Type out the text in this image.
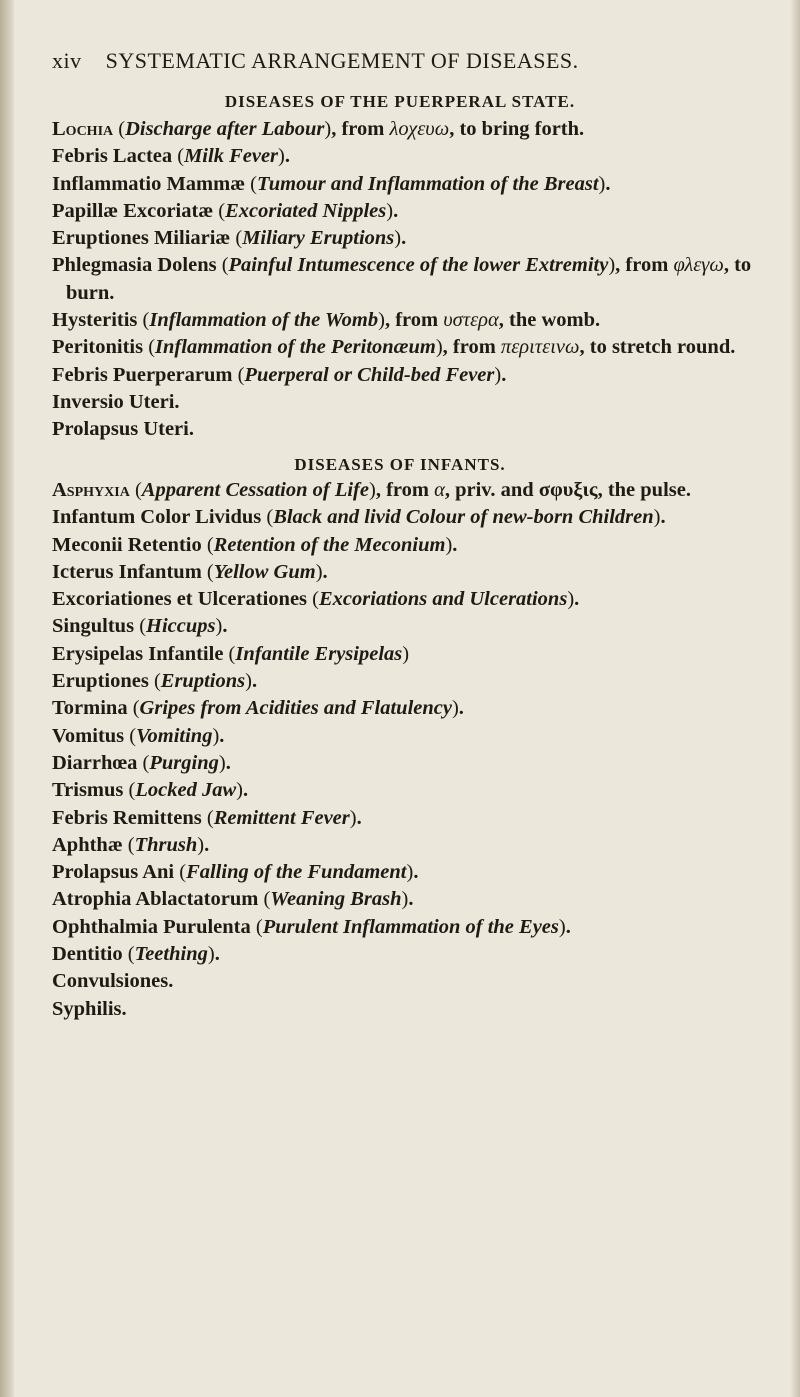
xiv SYSTEMATIC ARRANGEMENT OF DISEASES.
DISEASES OF THE PUERPERAL STATE.
Lochia (Discharge after Labour), from λοχευω, to bring forth.
Febris Lactea (Milk Fever).
Inflammatio Mammæ (Tumour and Inflammation of the Breast).
Papillæ Excoriatæ (Excoriated Nipples).
Eruptiones Miliariæ (Miliary Eruptions).
Phlegmasia Dolens (Painful Intumescence of the lower Extremity), from φλεγω, to burn.
Hysteritis (Inflammation of the Womb), from υστερα, the womb.
Peritonitis (Inflammation of the Peritonæum), from περιτεινω, to stretch round.
Febris Puerperarum (Puerperal or Child-bed Fever).
Inversio Uteri.
Prolapsus Uteri.
DISEASES OF INFANTS.
Asphyxia (Apparent Cessation of Life), from α, priv. and σφυξις, the pulse.
Infantum Color Lividus (Black and livid Colour of new-born Children).
Meconii Retentio (Retention of the Meconium).
Icterus Infantum (Yellow Gum).
Excoriationes et Ulcerationes (Excoriations and Ulcerations).
Singultus (Hiccups).
Erysipelas Infantile (Infantile Erysipelas)
Eruptiones (Eruptions).
Tormina (Gripes from Acidities and Flatulency).
Vomitus (Vomiting).
Diarrhœa (Purging).
Trismus (Locked Jaw).
Febris Remittens (Remittent Fever).
Aphthæ (Thrush).
Prolapsus Ani (Falling of the Fundament).
Atrophia Ablactatorum (Weaning Brash).
Ophthalmia Purulenta (Purulent Inflammation of the Eyes).
Dentitio (Teething).
Convulsiones.
Syphilis.
